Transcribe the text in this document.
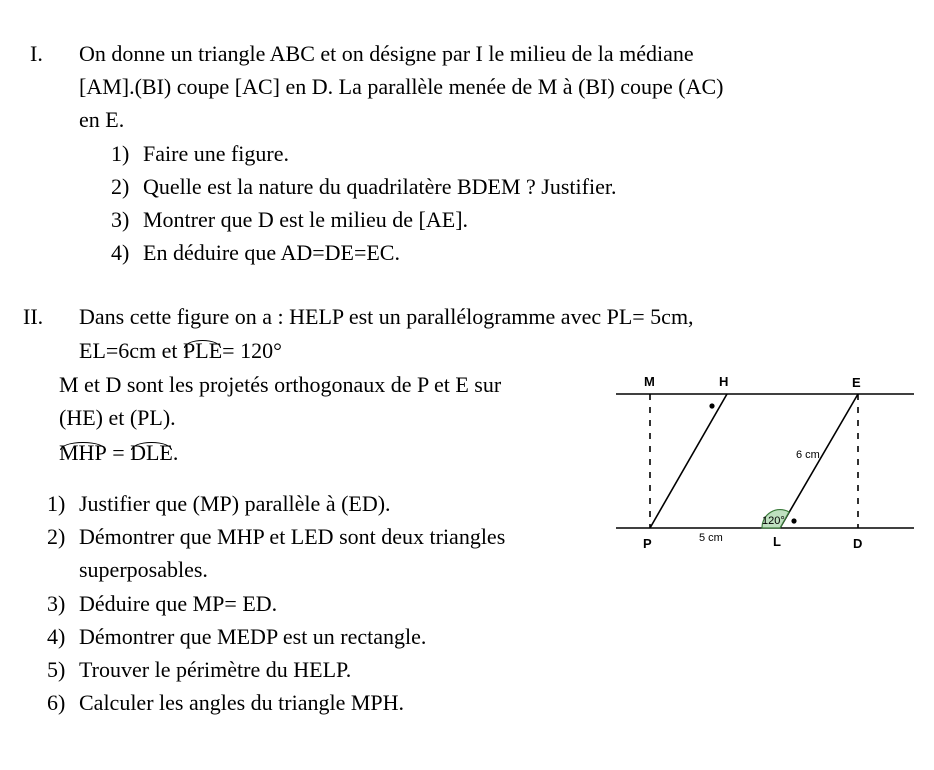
I. On donne un triangle ABC et on désigne par I le milieu de la médiane
[AM].(BI) coupe [AC] en D. La parallèle menée de M à (BI) coupe (AC)
en E.
1) Faire une figure.
2) Quelle est la nature du quadrilatère BDEM ? Justifier.
3) Montrer que D est le milieu de [AE].
4) En déduire que AD=DE=EC.
II. Dans cette figure on a : HELP est un parallélogramme avec PL= 5cm,
EL=6cm et PLE= 120°
M et D sont les projetés orthogonaux de P et E sur
(HE) et (PL).
MHP = DLE.
1) Justifier que (MP) parallèle à (ED).
2) Démontrer que MHP et LED sont deux triangles
superposables.
3) Déduire que MP= ED.
4) Démontrer que MEDP est un rectangle.
5) Trouver le périmètre du HELP.
6) Calculer les angles du triangle MPH.
M	H	E
P	L	D
5 cm
6 cm
120°
